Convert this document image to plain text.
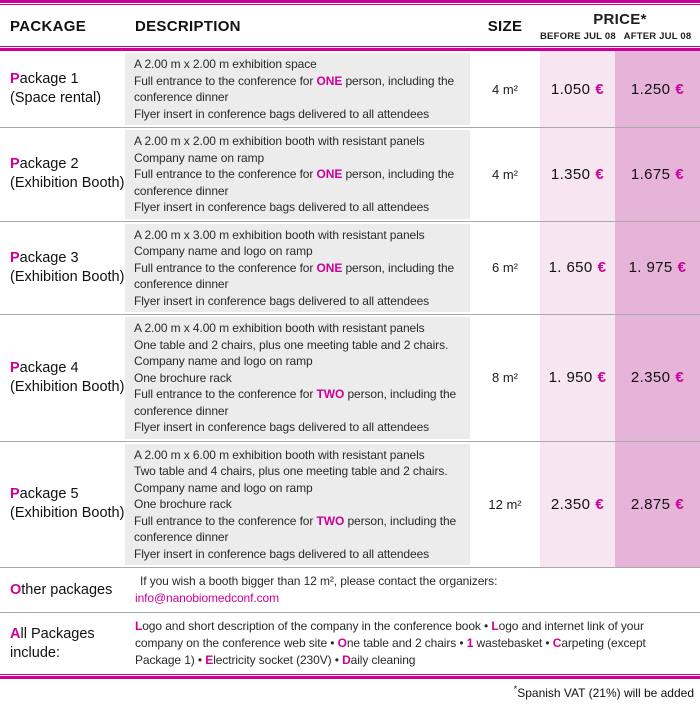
PACKAGE	DESCRIPTION	SIZE	PRICE*
BEFORE JUL 08 AFTER JUL 08
Package 1
(Space rental)
A 2.00 m x 2.00 m exhibition space
Full entrance to the conference for ONE person, including the conference dinner
Flyer insert in conference bags delivered to all attendees
4 m²	1.050 € 1.250 €
Package 2
(Exhibition Booth)
A 2.00 m x 2.00 m exhibition booth with resistant panels
Company name on ramp
Full entrance to the conference for ONE person, including the conference dinner
Flyer insert in conference bags delivered to all attendees
4 m²	1.350 € 1.675 €
Package 3
(Exhibition Booth)
A 2.00 m x 3.00 m exhibition booth with resistant panels
Company name and logo on ramp
Full entrance to the conference for ONE person, including the conference dinner
Flyer insert in conference bags delivered to all attendees
6 m²	1. 650 € 1. 975 €
Package 4
(Exhibition Booth)
A 2.00 m x 4.00 m exhibition booth with resistant panels
One table and 2 chairs, plus one meeting table and 2 chairs.
Company name and logo on ramp
One brochure rack
Full entrance to the conference for TWO person, including the conference dinner
Flyer insert in conference bags delivered to all attendees
8 m²	1. 950 € 2.350 €
Package 5
(Exhibition Booth)
A 2.00 m x 6.00 m exhibition booth with resistant panels
Two table and 4 chairs, plus one meeting table and 2 chairs.
Company name and logo on ramp
One brochure rack
Full entrance to the conference for TWO person, including the conference dinner
Flyer insert in conference bags delivered to all attendees
12 m²	2.350 € 2.875 €
Other packages
If you wish a booth bigger than 12 m², please contact the organizers:
info@nanobiomedconf.com
All Packages
include:
Logo and short description of the company in the conference book • Logo and internet link of your company on the conference web site • One table and 2 chairs • 1 wastebasket • Carpeting (except Package 1) • Electricity socket (230V) • Daily cleaning
*Spanish VAT (21%) will be added
